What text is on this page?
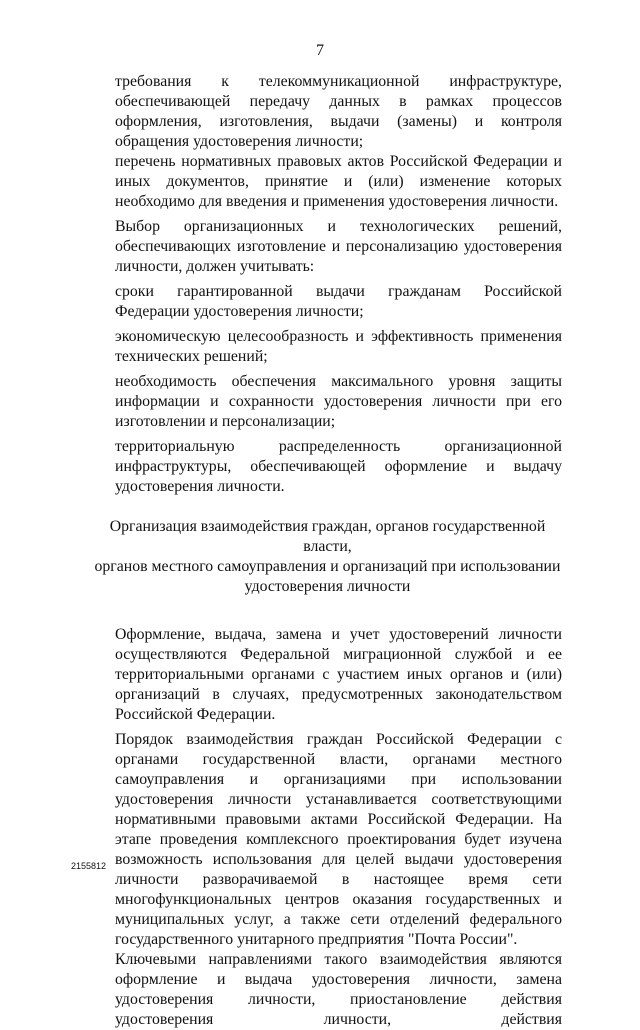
7

требования к телекоммуникационной инфраструктуре, обеспечивающей передачу данных в рамках процессов оформления, изготовления, выдачи (замены) и контроля обращения удостоверения личности;

перечень нормативных правовых актов Российской Федерации и иных документов, принятие и (или) изменение которых необходимо для введения и применения удостоверения личности.

Выбор организационных и технологических решений, обеспечивающих изготовление и персонализацию удостоверения личности, должен учитывать:

сроки гарантированной выдачи гражданам Российской Федерации удостоверения личности;

экономическую целесообразность и эффективность применения технических решений;

необходимость обеспечения максимального уровня защиты информации и сохранности удостоверения личности при его изготовлении и персонализации;

территориальную распределенность организационной инфраструктуры, обеспечивающей оформление и выдачу удостоверения личности.

Организация взаимодействия граждан, органов государственной власти,
органов местного самоуправления и организаций при использовании
удостоверения личности

Оформление, выдача, замена и учет удостоверений личности осуществляются Федеральной миграционной службой и ее территориальными органами с участием иных органов и (или) организаций в случаях, предусмотренных законодательством Российской Федерации.

Порядок взаимодействия граждан Российской Федерации с органами государственной власти, органами местного самоуправления и организациями при использовании удостоверения личности устанавливается соответствующими нормативными правовыми актами Российской Федерации. На этапе проведения комплексного проектирования будет изучена возможность использования для целей выдачи удостоверения личности разворачиваемой в настоящее время сети многофункциональных центров оказания государственных и муниципальных услуг, а также сети отделений федерального государственного унитарного предприятия "Почта России".

Ключевыми направлениями такого взаимодействия являются оформление и выдача удостоверения личности, замена удостоверения личности, приостановление действия удостоверения личности, действия

2155812
